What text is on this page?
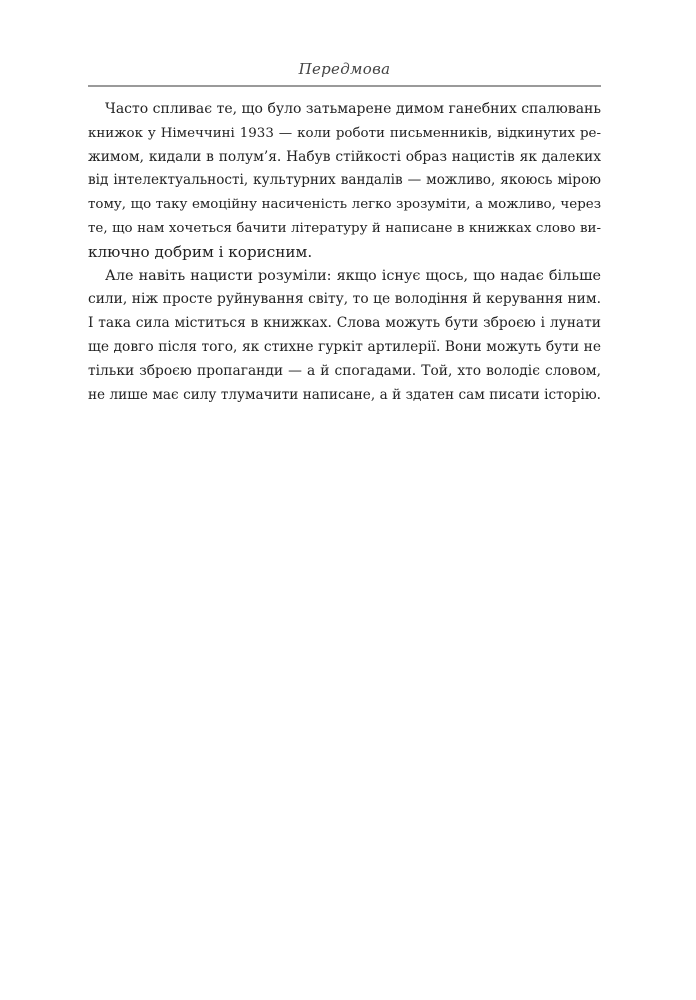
Передмова
Часто спливає те, що було затьмарене димом ганебних спалювань
книжок у Німеччині 1933 — коли роботи письменників, відкинутих ре-
жимом, кидали в полум’я. Набув стійкості образ нацистів як далеких
від інтелектуальності, культурних вандалів — можливо, якоюсь мірою
тому, що таку емоційну насиченість легко зрозуміти, а можливо, через
те, що нам хочеться бачити літературу й написане в книжках слово ви-
ключно добрим і корисним.
Але навіть нацисти розуміли: якщо існує щось, що надає більше
сили, ніж просте руйнування світу, то це володіння й керування ним.
І така сила міститься в книжках. Слова можуть бути зброєю і лунати
ще довго після того, як стихне гуркіт артилерії. Вони можуть бути не
тільки зброєю пропаганди — а й спогадами. Той, хто володіє словом,
не лише має силу тлумачити написане, а й здатен сам писати історію.
